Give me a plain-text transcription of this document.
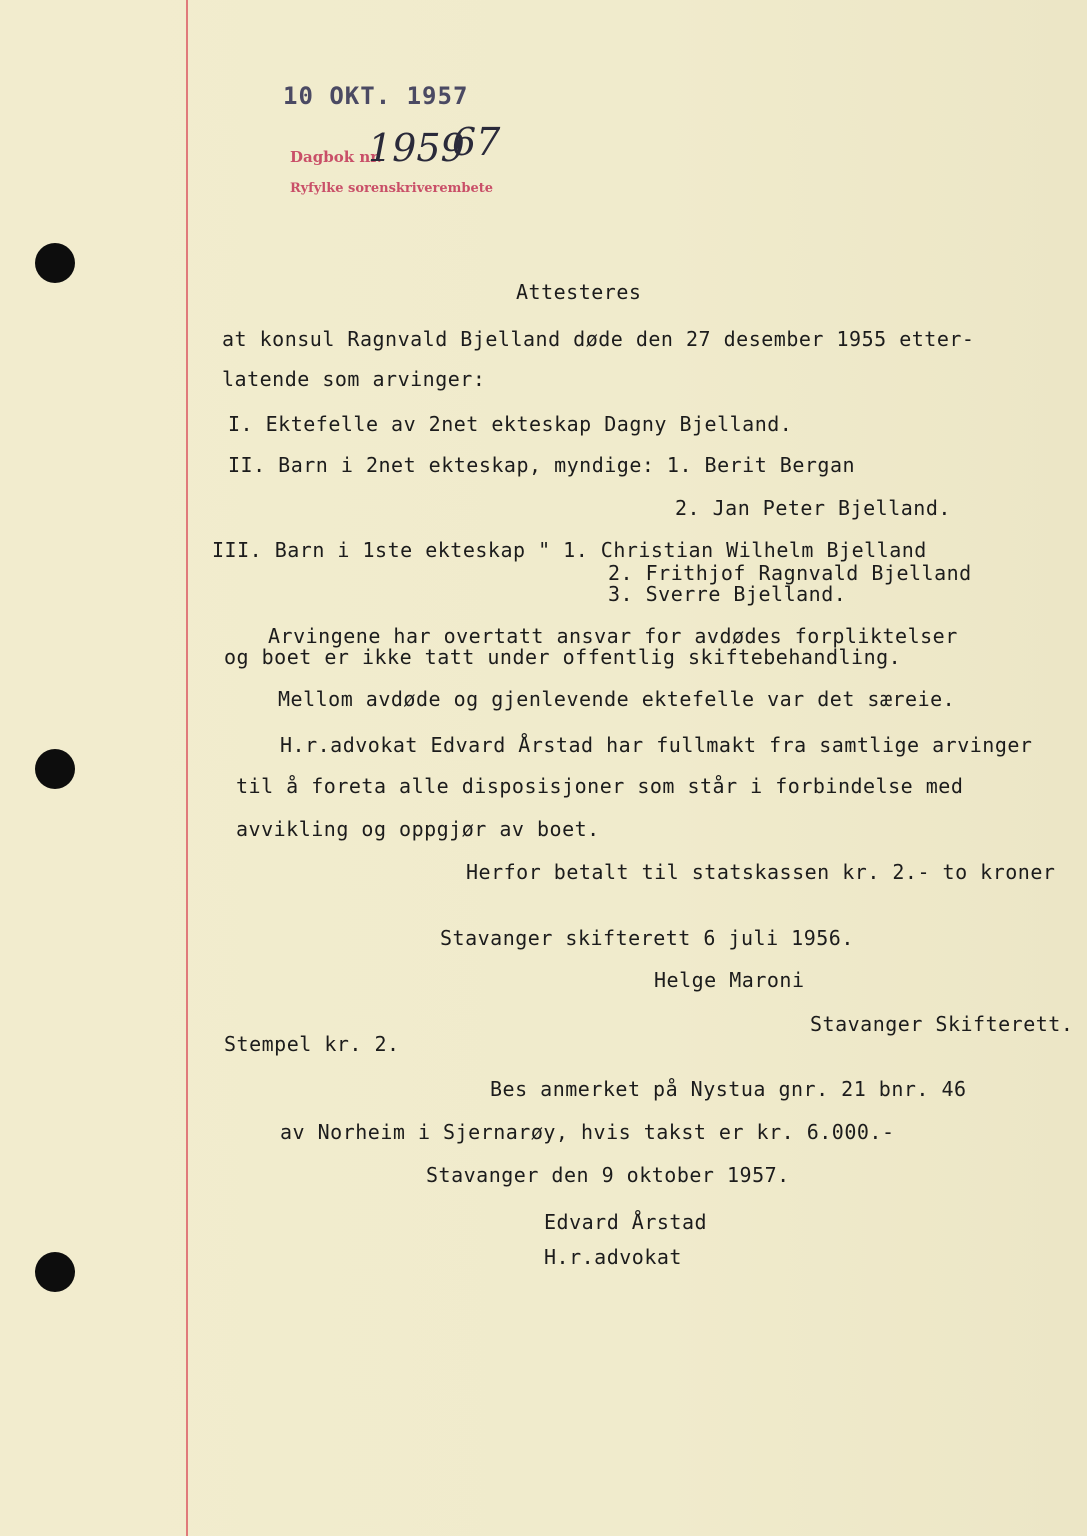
10 OKT. 1957
Dagbok nr.
1959
67
Ryfylke sorenskriverembete
Attesteres
at konsul Ragnvald Bjelland døde den 27 desember 1955 etter-
latende som arvinger:
I. Ektefelle av 2net ekteskap Dagny Bjelland.
II. Barn i 2net ekteskap, myndige: 1. Berit Bergan
2. Jan Peter Bjelland.
III. Barn i 1ste ekteskap " 1. Christian Wilhelm Bjelland
2. Frithjof Ragnvald Bjelland
3. Sverre Bjelland.
Arvingene har overtatt ansvar for avdødes forpliktelser
og boet er ikke tatt under offentlig skiftebehandling.
Mellom avdøde og gjenlevende ektefelle var det særeie.
H.r.advokat Edvard Årstad har fullmakt fra samtlige arvinger
til å foreta alle disposisjoner som står i forbindelse med
avvikling og oppgjør av boet.
Herfor betalt til statskassen kr. 2.- to kroner
Stavanger skifterett 6 juli 1956.
Helge Maroni
Stavanger Skifterett.
Stempel kr. 2.
Bes anmerket på Nystua gnr. 21 bnr. 46
av Norheim i Sjernarøy, hvis takst er kr. 6.000.-
Stavanger den 9 oktober 1957.
Edvard Årstad
H.r.advokat
